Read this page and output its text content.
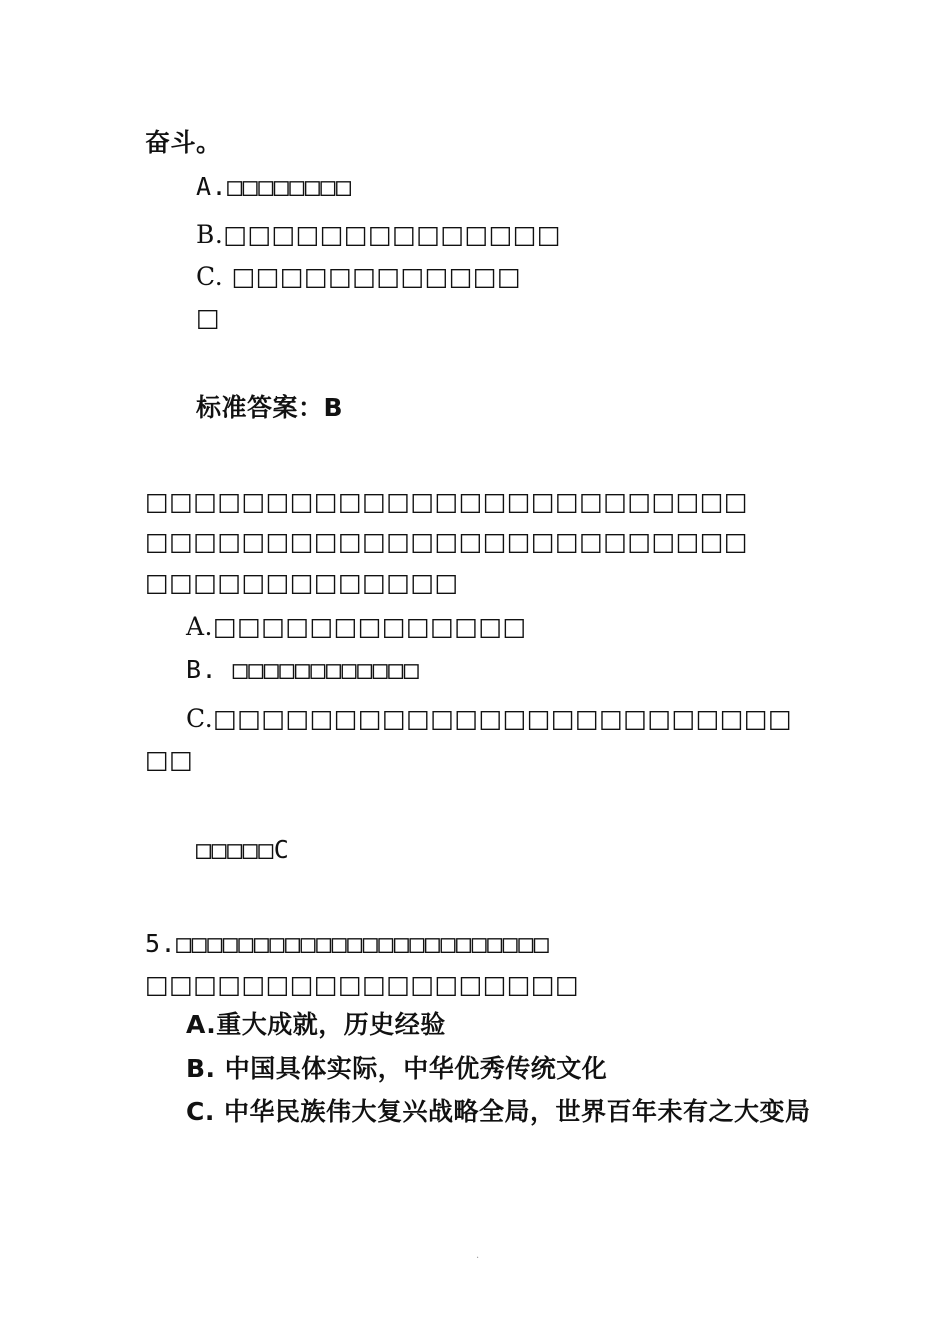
奋斗。
A.□□□□□□□□
B.□□□□□□□□□□□□□□
C. □□□□□□□□□□□□
□
标准答案：B
□□□□□□□□□□□□□□□□□□□□□□□□□
□□□□□□□□□□□□□□□□□□□□□□□□□
□□□□□□□□□□□□□
A.□□□□□□□□□□□□□
B. □□□□□□□□□□□□
C.□□□□□□□□□□□□□□□□□□□□□□□□
□□
□□□□□C
5.□□□□□□□□□□□□□□□□□□□□□□□□
□□□□□□□□□□□□□□□□□□
A.重大成就，历史经验
B. 中国具体实际，中华优秀传统文化
C. 中华民族伟大复兴战略全局，世界百年未有之大变局
.
